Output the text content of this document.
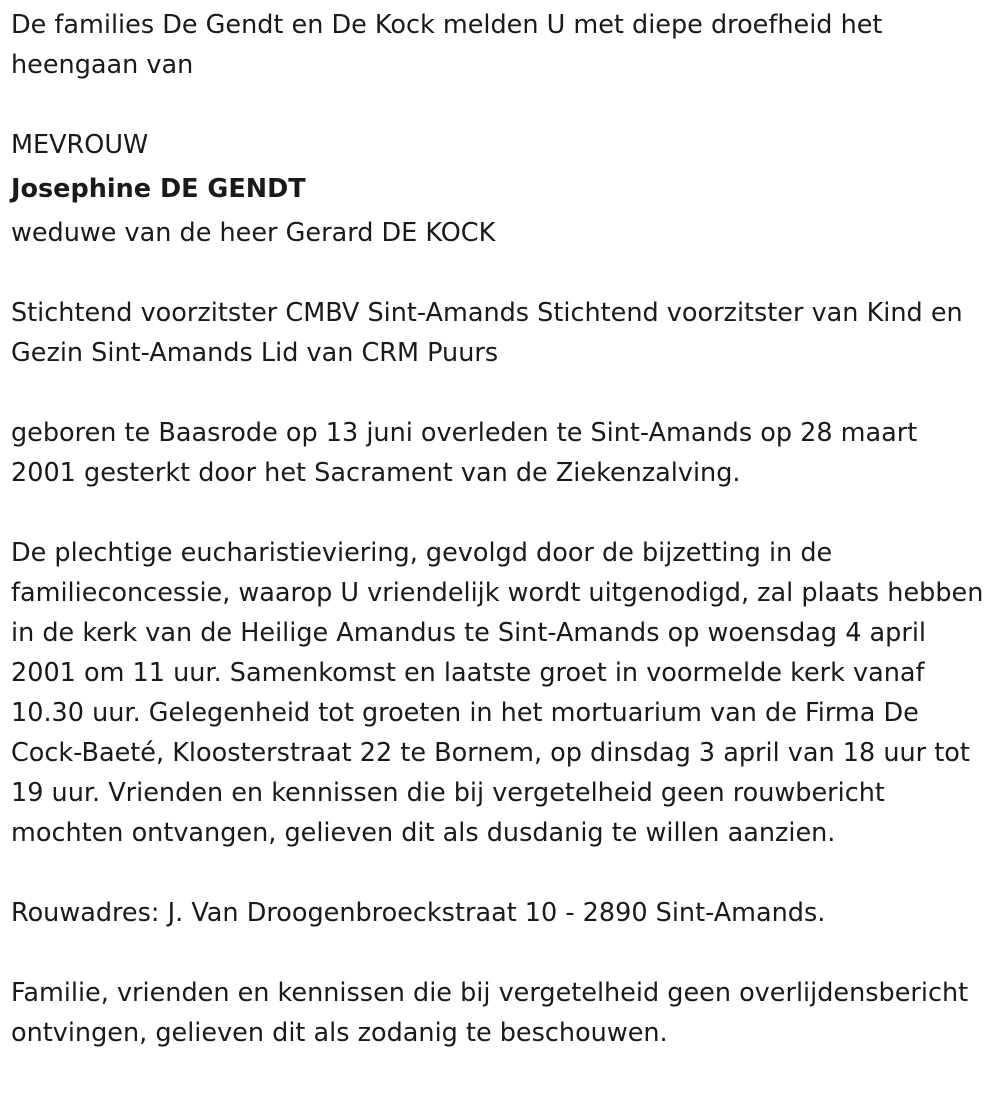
De families De Gendt en De Kock melden U met diepe droefheid het heengaan van

MEVROUW

Josephine DE GENDT

weduwe van de heer Gerard DE KOCK

Stichtend voorzitster CMBV Sint-Amands Stichtend voorzitster van Kind en Gezin Sint-Amands Lid van CRM Puurs

geboren te Baasrode op 13 juni overleden te Sint-Amands op 28 maart 2001 gesterkt door het Sacrament van de Ziekenzalving.

De plechtige eucharistieviering, gevolgd door de bijzetting in de familieconcessie, waarop U vriendelijk wordt uitgenodigd, zal plaats hebben in de kerk van de Heilige Amandus te Sint-Amands op woensdag 4 april 2001 om 11 uur. Samenkomst en laatste groet in voormelde kerk vanaf 10.30 uur. Gelegenheid tot groeten in het mortuarium van de Firma De Cock-Baeté, Kloosterstraat 22 te Bornem, op dinsdag 3 april van 18 uur tot 19 uur. Vrienden en kennissen die bij vergetelheid geen rouwbericht mochten ontvangen, gelieven dit als dusdanig te willen aanzien.

Rouwadres: J. Van Droogenbroeckstraat 10 - 2890 Sint-Amands.

Familie, vrienden en kennissen die bij vergetelheid geen overlijdensbericht ontvingen, gelieven dit als zodanig te beschouwen.
